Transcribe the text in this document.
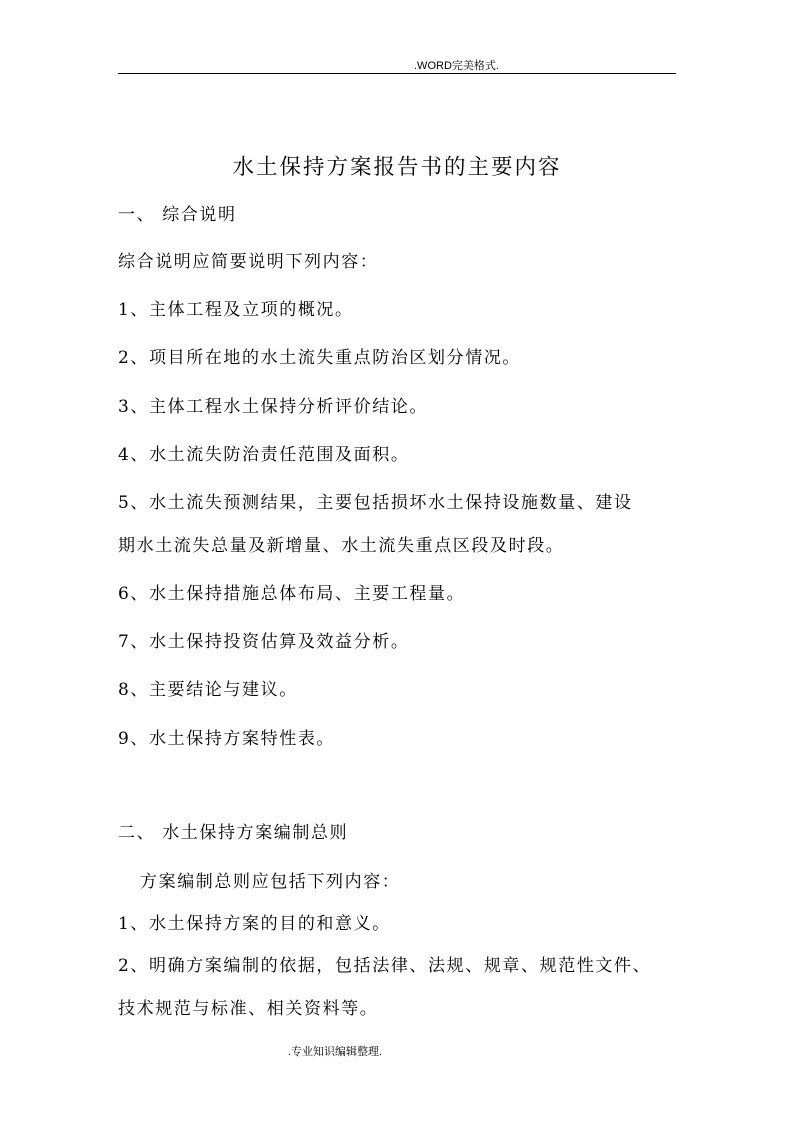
.WORD完美格式.
水土保持方案报告书的主要内容
一、 综合说明
综合说明应简要说明下列内容：
1、主体工程及立项的概况。
2、项目所在地的水土流失重点防治区划分情况。
3、主体工程水土保持分析评价结论。
4、水土流失防治责任范围及面积。
5、水土流失预测结果，主要包括损坏水土保持设施数量、建设
期水土流失总量及新增量、水土流失重点区段及时段。
6、水土保持措施总体布局、主要工程量。
7、水土保持投资估算及效益分析。
8、主要结论与建议。
9、水土保持方案特性表。
二、 水土保持方案编制总则
方案编制总则应包括下列内容：
1、水土保持方案的目的和意义。
2、明确方案编制的依据，包括法律、法规、规章、规范性文件、
技术规范与标准、相关资料等。
.专业知识编辑整理.
